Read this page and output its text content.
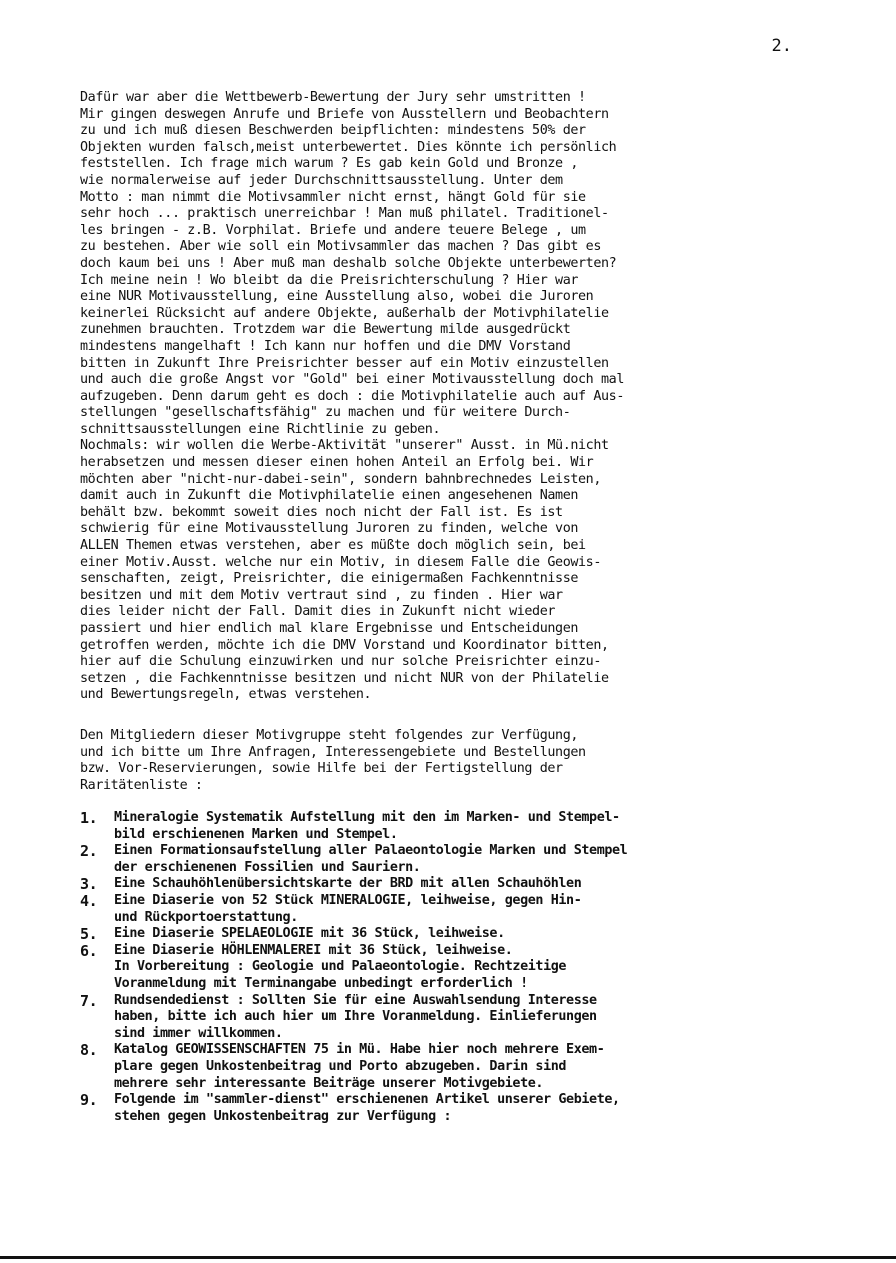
2.
Dafür war aber die Wettbewerb-Bewertung der Jury sehr umstritten !
Mir gingen deswegen Anrufe und Briefe von Ausstellern und Beobachtern
zu und ich muß diesen Beschwerden beipflichten: mindestens 50% der
Objekten wurden falsch,meist unterbewertet. Dies könnte ich persönlich
feststellen. Ich frage mich warum ? Es gab kein Gold und Bronze ,
wie normalerweise auf jeder Durchschnittsausstellung. Unter dem
Motto : man nimmt die Motivsammler nicht ernst, hängt Gold für sie
sehr hoch ... praktisch unerreichbar ! Man muß philatel. Traditionel-
les bringen - z.B. Vorphilat. Briefe und andere teuere Belege , um
zu bestehen. Aber wie soll ein Motivsammler das machen ? Das gibt es
doch kaum bei uns ! Aber muß man deshalb solche Objekte unterbewerten?
Ich meine nein ! Wo bleibt da die Preisrichterschulung ? Hier war
eine NUR Motivausstellung, eine Ausstellung also, wobei die Juroren
keinerlei Rücksicht auf andere Objekte, außerhalb der Motivphilatelie
zunehmen brauchten. Trotzdem war die Bewertung milde ausgedrückt
mindestens mangelhaft ! Ich kann nur hoffen und die DMV Vorstand
bitten in Zukunft Ihre Preisrichter besser auf ein Motiv einzustellen
und auch die große Angst vor "Gold" bei einer Motivausstellung doch mal
aufzugeben. Denn darum geht es doch : die Motivphilatelie auch auf Aus-
stellungen "gesellschaftsfähig" zu machen und für weitere Durch-
schnittsausstellungen eine Richtlinie zu geben.
Nochmals: wir wollen die Werbe-Aktivität "unserer" Ausst. in Mü.nicht
herabsetzen und messen dieser einen hohen Anteil an Erfolg bei. Wir
möchten aber "nicht-nur-dabei-sein", sondern bahnbrechnedes Leisten,
damit auch in Zukunft die Motivphilatelie einen angesehenen Namen
behält bzw. bekommt soweit dies noch nicht der Fall ist. Es ist
schwierig für eine Motivausstellung Juroren zu finden, welche von
ALLEN Themen etwas verstehen, aber es müßte doch möglich sein, bei
einer Motiv.Ausst. welche nur ein Motiv, in diesem Falle die Geowis-
senschaften, zeigt, Preisrichter, die einigermaßen Fachkenntnisse
besitzen und mit dem Motiv vertraut sind , zu finden . Hier war
dies leider nicht der Fall. Damit dies in Zukunft nicht wieder
passiert und hier endlich mal klare Ergebnisse und Entscheidungen
getroffen werden, möchte ich die DMV Vorstand und Koordinator bitten,
hier auf die Schulung einzuwirken und nur solche Preisrichter einzu-
setzen , die Fachkenntnisse besitzen und nicht NUR von der Philatelie
und Bewertungsregeln, etwas verstehen.
Den Mitgliedern dieser Motivgruppe steht folgendes zur Verfügung,
und ich bitte um Ihre Anfragen, Interessengebiete und Bestellungen
bzw. Vor-Reservierungen, sowie Hilfe bei der Fertigstellung der
Raritätenliste :
1.	Mineralogie Systematik Aufstellung mit den im Marken- und Stempel-
bild erschienenen Marken und Stempel.
2.	Einen Formationsaufstellung aller Palaeontologie Marken und Stempel
der erschienenen Fossilien und Sauriern.
3.	Eine Schauhöhlenübersichtskarte der BRD mit allen Schauhöhlen
4.	Eine Diaserie von 52 Stück MINERALOGIE, leihweise, gegen Hin-
und Rückportoerstattung.
5.	Eine Diaserie SPELAEOLOGIE mit 36 Stück, leihweise.
6.	Eine Diaserie HÖHLENMALEREI mit 36 Stück, leihweise.
In Vorbereitung : Geologie und Palaeontologie. Rechtzeitige
Voranmeldung mit Terminangabe unbedingt erforderlich !
7.	Rundsendedienst : Sollten Sie für eine Auswahlsendung Interesse
haben, bitte ich auch hier um Ihre Voranmeldung. Einlieferungen
sind immer willkommen.
8.	Katalog GEOWISSENSCHAFTEN 75 in Mü. Habe hier noch mehrere Exem-
plare gegen Unkostenbeitrag und Porto abzugeben. Darin sind
mehrere sehr interessante Beiträge unserer Motivgebiete.
9.	Folgende im "sammler-dienst" erschienenen Artikel unserer Gebiete,
stehen gegen Unkostenbeitrag zur Verfügung :
